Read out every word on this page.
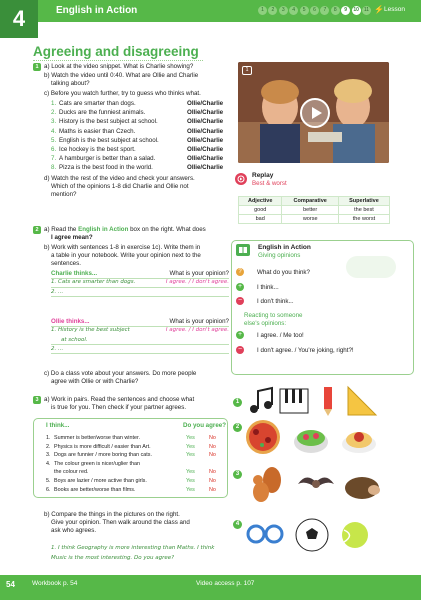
4	English in Action	1	2	3	4	5	6	7	8	9	10	11 ⚡ Lesson
Agreeing and disagreeing
1 a) Look at the video snippet. What is Charlie showing?
b) Watch the video until 0:40. What are Ollie and Charlie
talking about?
c) Before you watch further, try to guess who thinks what.
1. Cats are smarter than dogs.	Ollie/Charlie
2. Ducks are the funniest animals.	Ollie/Charlie
3. History is the best subject at school.	Ollie/Charlie
4. Maths is easier than Czech.	Ollie/Charlie
5. English is the best subject at school.	Ollie/Charlie
6. Ice hockey is the best sport.	Ollie/Charlie
7. A hamburger is better than a salad.	Ollie/Charlie
8. Pizza is the best food in the world.	Ollie/Charlie
d) Watch the rest of the video and check your answers.
Which of the opinions 1-8 did Charlie and Ollie not
mention?
1
Replay
Best & worst
Adjective	Comparative	Superlative
good	better	the best
bad	worse	the worst
2 a) Read the English in Action box on the right. What does
I agree mean?
b) Work with sentences 1-8 in exercise 1c). Write them in
a table in your notebook. Write your opinion next to the
sentences.
Charlie thinks...	What is your opinion?
1. Cats are smarter than dogs.	I agree. / I don't agree.
2. ...
Ollie thinks...	What is your opinion?
1. History is the best subject	I agree. / I don't agree.
at school.
2. ...
c) Do a class vote about your answers. Do more people
agree with Ollie or with Charlie?
English in Action
Giving opinions
?	What do you think?
+	I think...
−	I don't think...
Reacting to someone
else's opinions:
+	I agree. / Me too!
−	I don't agree. / You're joking, right?!
3 a) Work in pairs. Read the sentences and choose what
is true for you. Then check if your partner agrees.
I think...	Do you agree?
1. Summer is better/worse than winter.	Yes	No
2. Physics is more difficult / easier than Art.	Yes	No
3. Dogs are funnier / more boring than cats.	Yes	No
4. The colour green is nicer/uglier than
the colour red.	Yes	No
5. Boys are lazier / more active than girls.	Yes	No
6. Books are better/worse than films.	Yes	No
b) Compare the things in the pictures on the right.
Give your opinion. Then walk around the class and
ask who agrees.
1. I think Geography is more interesting than Maths. I think
Music is the most interesting. Do you agree?
1
2
3
4
54	Workbook p. 54	Video access p. 107
